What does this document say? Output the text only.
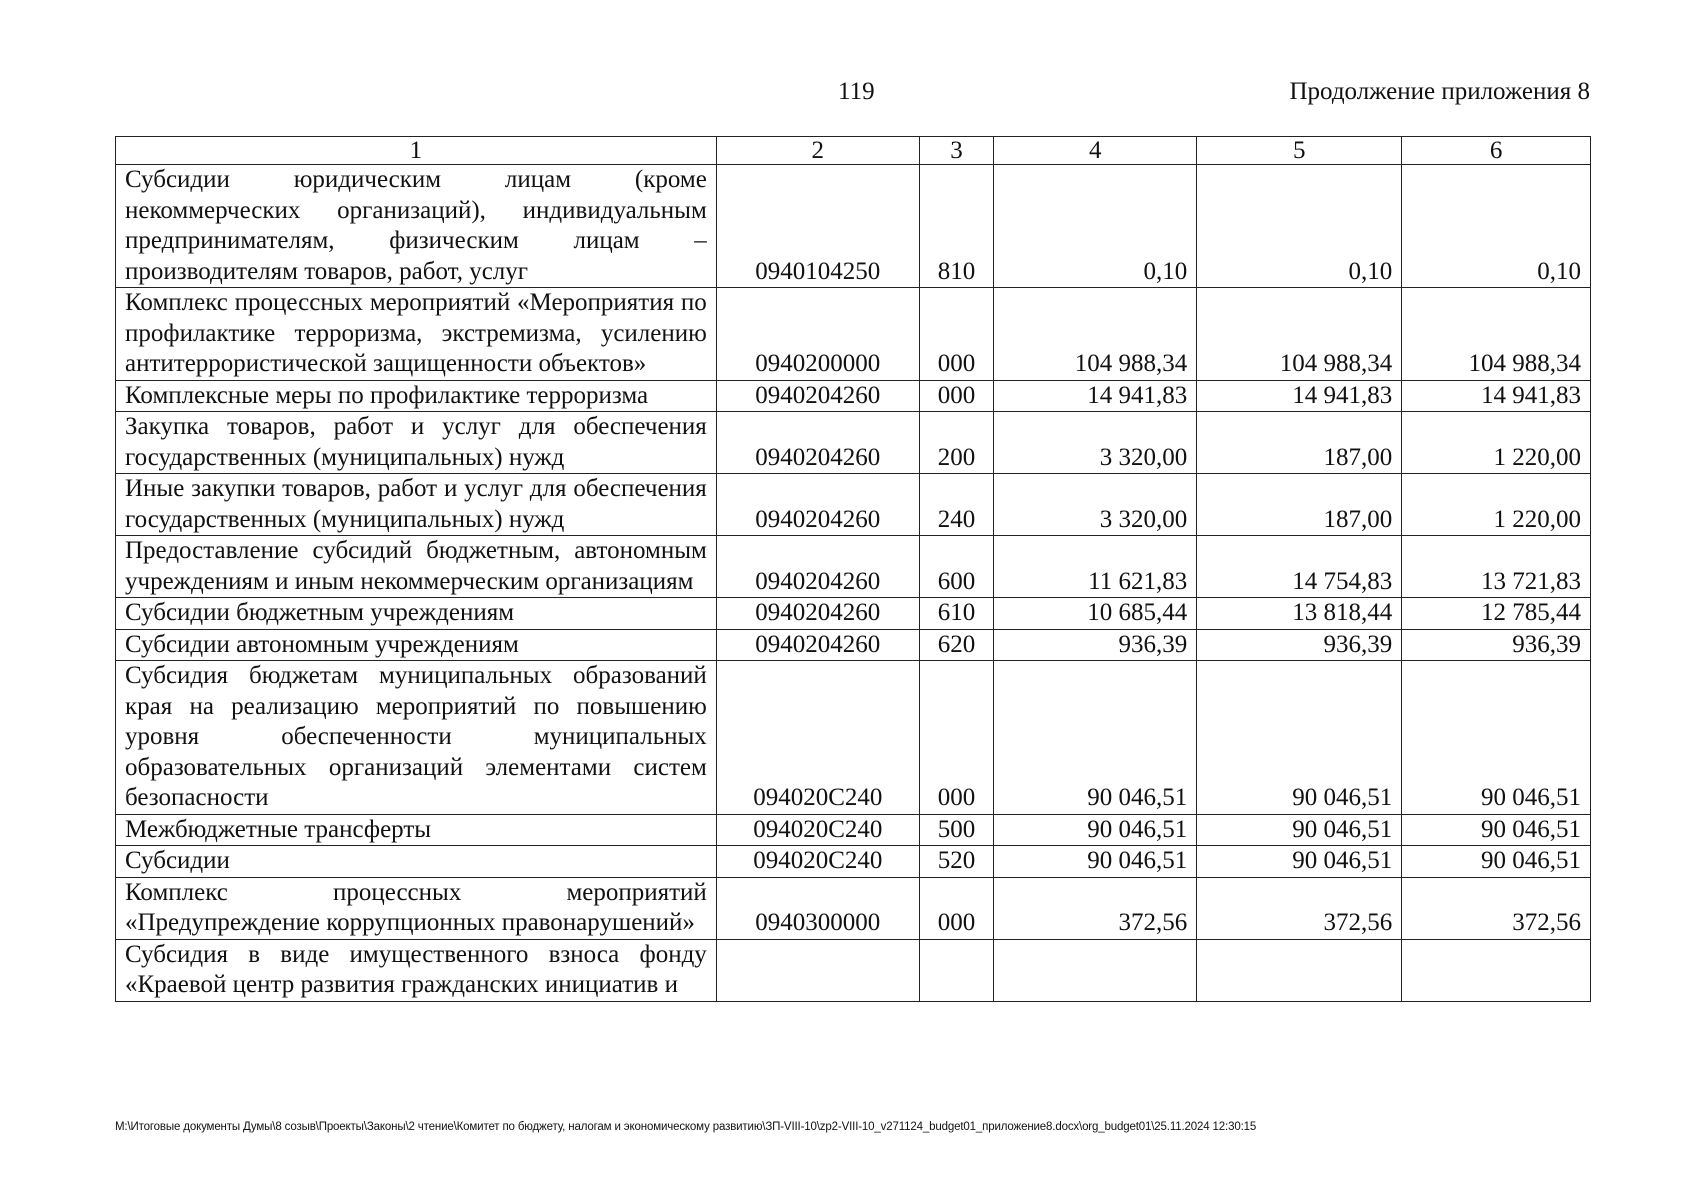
119	Продолжение приложения 8
1	2	3	4	5	6
Субсидии юридическим лицам (кроме некоммерческих организаций), индивидуальным предпринимателям, физическим лицам – производителям товаров, работ, услуг	0940104250	810	0,10	0,10	0,10
Комплекс процессных мероприятий «Мероприятия по профилактике терроризма, экстремизма, усилению антитеррористической защищенности объектов»	0940200000	000	104 988,34	104 988,34	104 988,34
Комплексные меры по профилактике терроризма	0940204260	000	14 941,83	14 941,83	14 941,83
Закупка товаров, работ и услуг для обеспечения государственных (муниципальных) нужд	0940204260	200	3 320,00	187,00	1 220,00
Иные закупки товаров, работ и услуг для обеспечения государственных (муниципальных) нужд	0940204260	240	3 320,00	187,00	1 220,00
Предоставление субсидий бюджетным, автономным учреждениям и иным некоммерческим организациям	0940204260	600	11 621,83	14 754,83	13 721,83
Субсидии бюджетным учреждениям	0940204260	610	10 685,44	13 818,44	12 785,44
Субсидии автономным учреждениям	0940204260	620	936,39	936,39	936,39
Субсидия бюджетам муниципальных образований края на реализацию мероприятий по повышению уровня обеспеченности муниципальных образовательных организаций элементами систем безопасности	094020С240	000	90 046,51	90 046,51	90 046,51
Межбюджетные трансферты	094020С240	500	90 046,51	90 046,51	90 046,51
Субсидии	094020С240	520	90 046,51	90 046,51	90 046,51
Комплекс процессных мероприятий «Предупреждение коррупционных правонарушений»	0940300000	000	372,56	372,56	372,56
Субсидия в виде имущественного взноса фонду «Краевой центр развития гражданских инициатив и					
M:\Итоговые документы Думы\8 созыв\Проекты\Законы\2 чтение\Комитет по бюджету, налогам и экономическому развитию\ЗП-VIII-10\zp2-VIII-10_v271124_budget01_приложение8.docx\org_budget01\25.11.2024 12:30:15
